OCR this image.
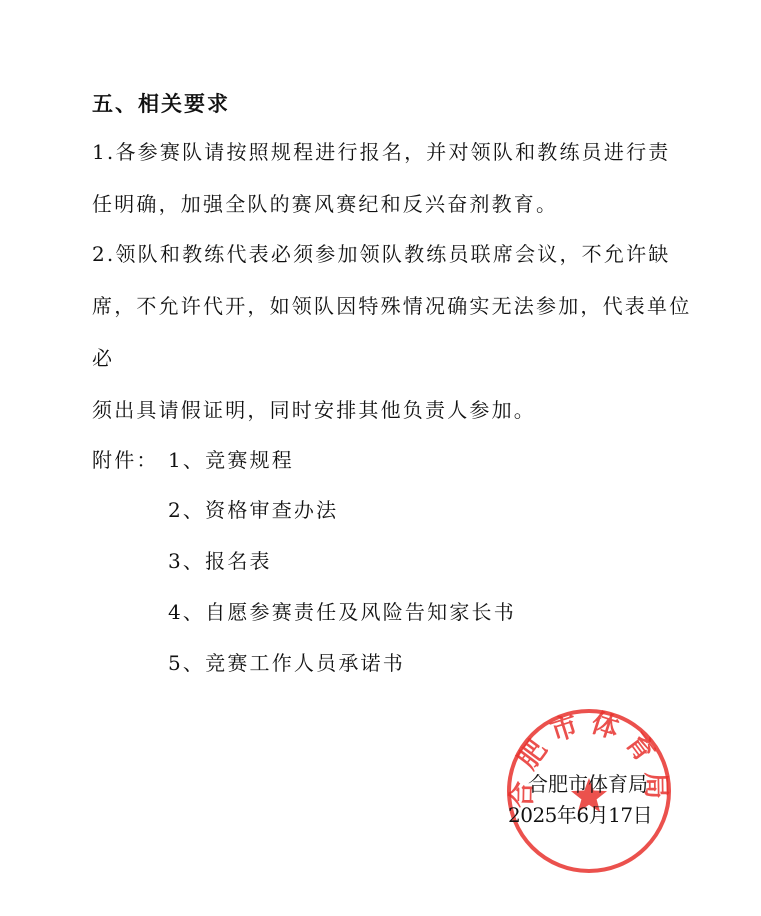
五、相关要求
1.各参赛队请按照规程进行报名，并对领队和教练员进行责
任明确，加强全队的赛风赛纪和反兴奋剂教育。
2.领队和教练代表必须参加领队教练员联席会议，不允许缺
席，不允许代开，如领队因特殊情况确实无法参加，代表单位必
须出具请假证明，同时安排其他负责人参加。
附件： 1、竞赛规程
2、资格审查办法
3、报名表
4、自愿参赛责任及风险告知家长书
5、竞赛工作人员承诺书
合肥市体育局
合肥市体育局
2025年6月17日
